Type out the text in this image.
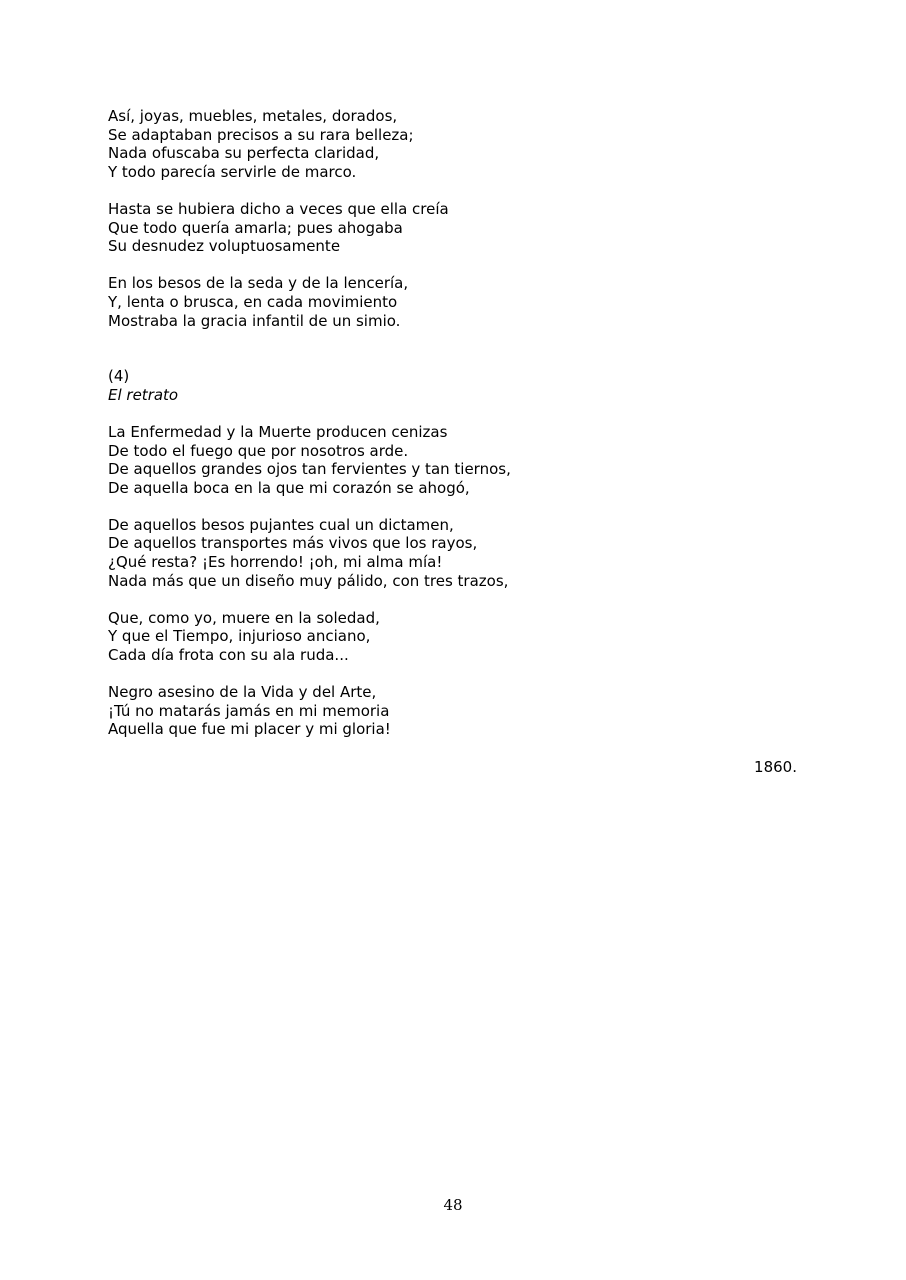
Así, joyas, muebles, metales, dorados,
Se adaptaban precisos a su rara belleza;
Nada ofuscaba su perfecta claridad,
Y todo parecía servirle de marco.
Hasta se hubiera dicho a veces que ella creía
Que todo quería amarla; pues ahogaba
Su desnudez voluptuosamente
En los besos de la seda y de la lencería,
Y, lenta o brusca, en cada movimiento
Mostraba la gracia infantil de un simio.
(4)
El retrato
La Enfermedad y la Muerte producen cenizas
De todo el fuego que por nosotros arde.
De aquellos grandes ojos tan fervientes y tan tiernos,
De aquella boca en la que mi corazón se ahogó,
De aquellos besos pujantes cual un dictamen,
De aquellos transportes más vivos que los rayos,
¿Qué resta? ¡Es horrendo! ¡oh, mi alma mía!
Nada más que un diseño muy pálido, con tres trazos,
Que, como yo, muere en la soledad,
Y que el Tiempo, injurioso anciano,
Cada día frota con su ala ruda...
Negro asesino de la Vida y del Arte,
¡Tú no matarás jamás en mi memoria
Aquella que fue mi placer y mi gloria!
1860.
48
